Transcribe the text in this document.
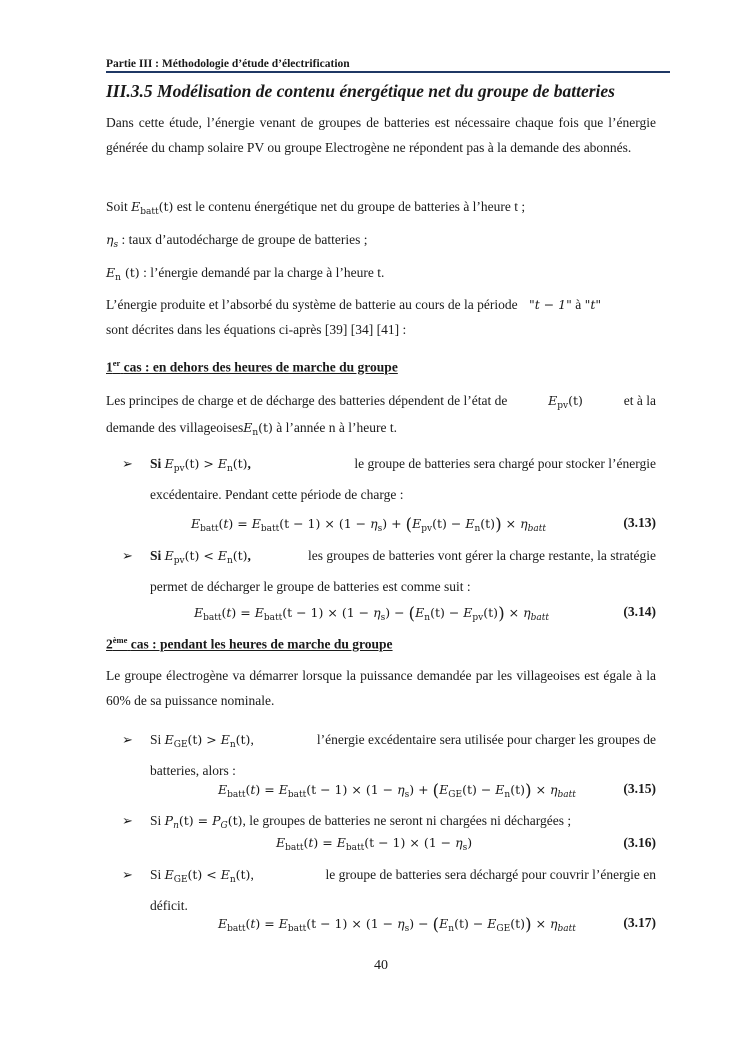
Partie III : Méthodologie d’étude d’électrification
III.3.5 Modélisation de contenu énergétique net du groupe de batteries
Dans cette étude, l’énergie venant de groupes de batteries est nécessaire chaque fois que l’énergie générée du champ solaire PV ou groupe Electrogène ne répondent pas à la demande des abonnés.
Soit $E_{batt}(t)$ est le contenu énergétique net du groupe de batteries à l’heure t ;
$\eta_s$ : taux d’autodécharge de groupe de batteries ;
$E_n$ (t) : l’énergie demandé par la charge à l’heure t.
L’énergie produite et l’absorbé du système de batterie au cours de la période "t − 1" à "t"
sont décrites dans les équations ci-après [39] [34] [41] :
1er cas : en dehors des heures de marche du groupe
Les principes de charge et de décharge des batteries dépendent de l’état de	$E_{pv}(t)$	et à la
demande des villageoisesE$_n$(t) à l’année n à l’heure t.
➢ Si $E_{pv}(t) > E_n(t)$,	le groupe de batteries sera chargé pour stocker l’énergie
excédentaire. Pendant cette période de charge :
$E_{batt}(t) = E_{batt}(t - 1) \times (1 - \eta_s) + (E_{pv}(t) - E_n(t)) \times \eta_{batt}$	(3.13)
➢ Si $E_{pv}(t) < E_n(t)$,	les groupes de batteries vont gérer la charge restante, la stratégie
permet de décharger le groupe de batteries est comme suit :
$E_{batt}(t) = E_{batt}(t - 1) \times (1 - \eta_s) - (E_n(t) - E_{pv}(t)) \times \eta_{batt}$	(3.14)
2ème cas : pendant les heures de marche du groupe
Le groupe électrogène va démarrer lorsque la puissance demandée par les villageoises est égale à la 60% de sa puissance nominale.
➢ Si $E_{GE}(t) > E_n(t)$,	l’énergie excédentaire sera utilisée pour charger les groupes de
batteries, alors :
$E_{batt}(t) = E_{batt}(t - 1) \times (1 - \eta_s) + (E_{GE}(t) - E_n(t)) \times \eta_{batt}$	(3.15)
➢ Si $P_n(t) = P_G(t)$, le groupes de batteries ne seront ni chargées ni déchargées ;
$E_{batt}(t) = E_{batt}(t - 1) \times (1 - \eta_s)$	(3.16)
➢ Si $E_{GE}(t) < E_n(t)$,	le groupe de batteries sera déchargé pour couvrir l’énergie en
déficit.
$E_{batt}(t) = E_{batt}(t - 1) \times (1 - \eta_s) - (E_n(t) - E_{GE}(t)) \times \eta_{batt}$	(3.17)
40
